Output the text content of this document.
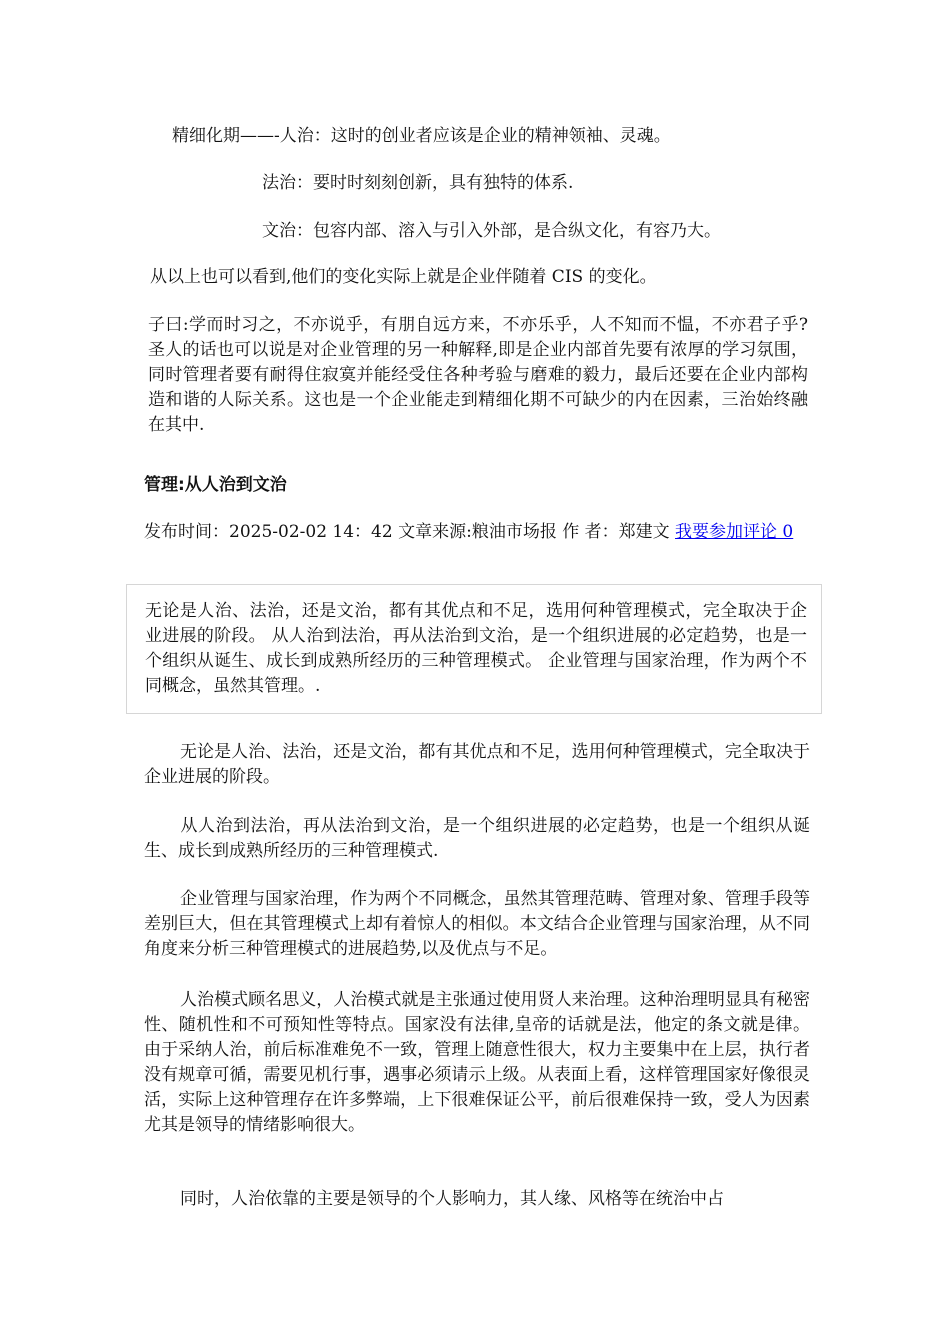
精细化期——-人治：这时的创业者应该是企业的精神领袖、灵魂。
法治：要时时刻刻创新，具有独特的体系.
文治：包容内部、溶入与引入外部，是合纵文化，有容乃大。
从以上也可以看到,他们的变化实际上就是企业伴随着 CIS 的变化。
子曰:学而时习之，不亦说乎，有朋自远方来，不亦乐乎，人不知而不愠，不亦君子乎?圣人的话也可以说是对企业管理的另一种解释,即是企业内部首先要有浓厚的学习氛围，同时管理者要有耐得住寂寞并能经受住各种考验与磨难的毅力，最后还要在企业内部构造和谐的人际关系。这也是一个企业能走到精细化期不可缺少的内在因素，三治始终融在其中.
管理:从人治到文治
发布时间：2025-02-02 14：42 文章来源:粮油市场报 作 者：郑建文 我要参加评论 0
无论是人治、法治，还是文治，都有其优点和不足，选用何种管理模式，完全取决于企业进展的阶段。 从人治到法治，再从法治到文治，是一个组织进展的必定趋势，也是一个组织从诞生、成长到成熟所经历的三种管理模式。 企业管理与国家治理，作为两个不同概念，虽然其管理。.
无论是人治、法治，还是文治，都有其优点和不足，选用何种管理模式，完全取决于企业进展的阶段。
从人治到法治，再从法治到文治，是一个组织进展的必定趋势，也是一个组织从诞生、成长到成熟所经历的三种管理模式.
企业管理与国家治理，作为两个不同概念，虽然其管理范畴、管理对象、管理手段等差别巨大，但在其管理模式上却有着惊人的相似。本文结合企业管理与国家治理，从不同角度来分析三种管理模式的进展趋势,以及优点与不足。
人治模式顾名思义，人治模式就是主张通过使用贤人来治理。这种治理明显具有秘密性、随机性和不可预知性等特点。国家没有法律,皇帝的话就是法，他定的条文就是律。由于采纳人治，前后标准难免不一致，管理上随意性很大，权力主要集中在上层，执行者没有规章可循，需要见机行事，遇事必须请示上级。从表面上看，这样管理国家好像很灵活，实际上这种管理存在许多弊端，上下很难保证公平，前后很难保持一致，受人为因素尤其是领导的情绪影响很大。
同时，人治依靠的主要是领导的个人影响力，其人缘、风格等在统治中占
